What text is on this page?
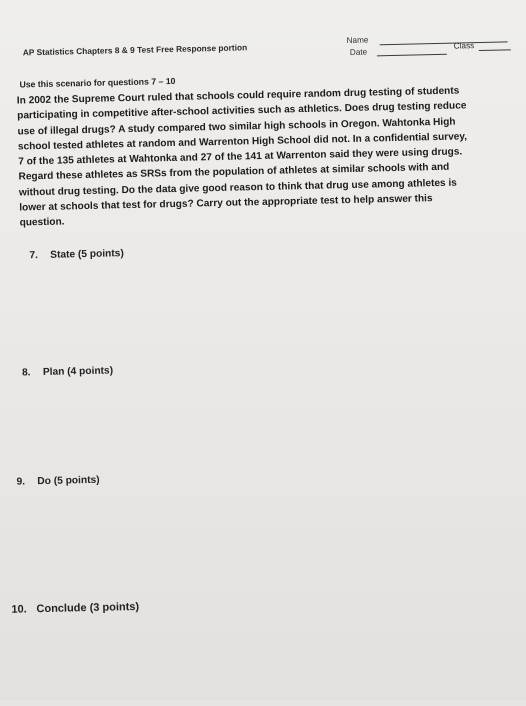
AP Statistics Chapters 8 & 9 Test Free Response portion
Name
Date
Class
Use this scenario for questions 7 – 10

In 2002 the Supreme Court ruled that schools could require random drug testing of students
participating in competitive after-school activities such as athletics. Does drug testing reduce
use of illegal drugs? A study compared two similar high schools in Oregon. Wahtonka High
school tested athletes at random and Warrenton High School did not. In a confidential survey,
7 of the 135 athletes at Wahtonka and 27 of the 141 at Warrenton said they were using drugs.
Regard these athletes as SRSs from the population of athletes at similar schools with and
without drug testing. Do the data give good reason to think that drug use among athletes is
lower at schools that test for drugs? Carry out the appropriate test to help answer this
question.

7. State (5 points)
8. Plan (4 points)
9. Do (5 points)
10. Conclude (3 points)
